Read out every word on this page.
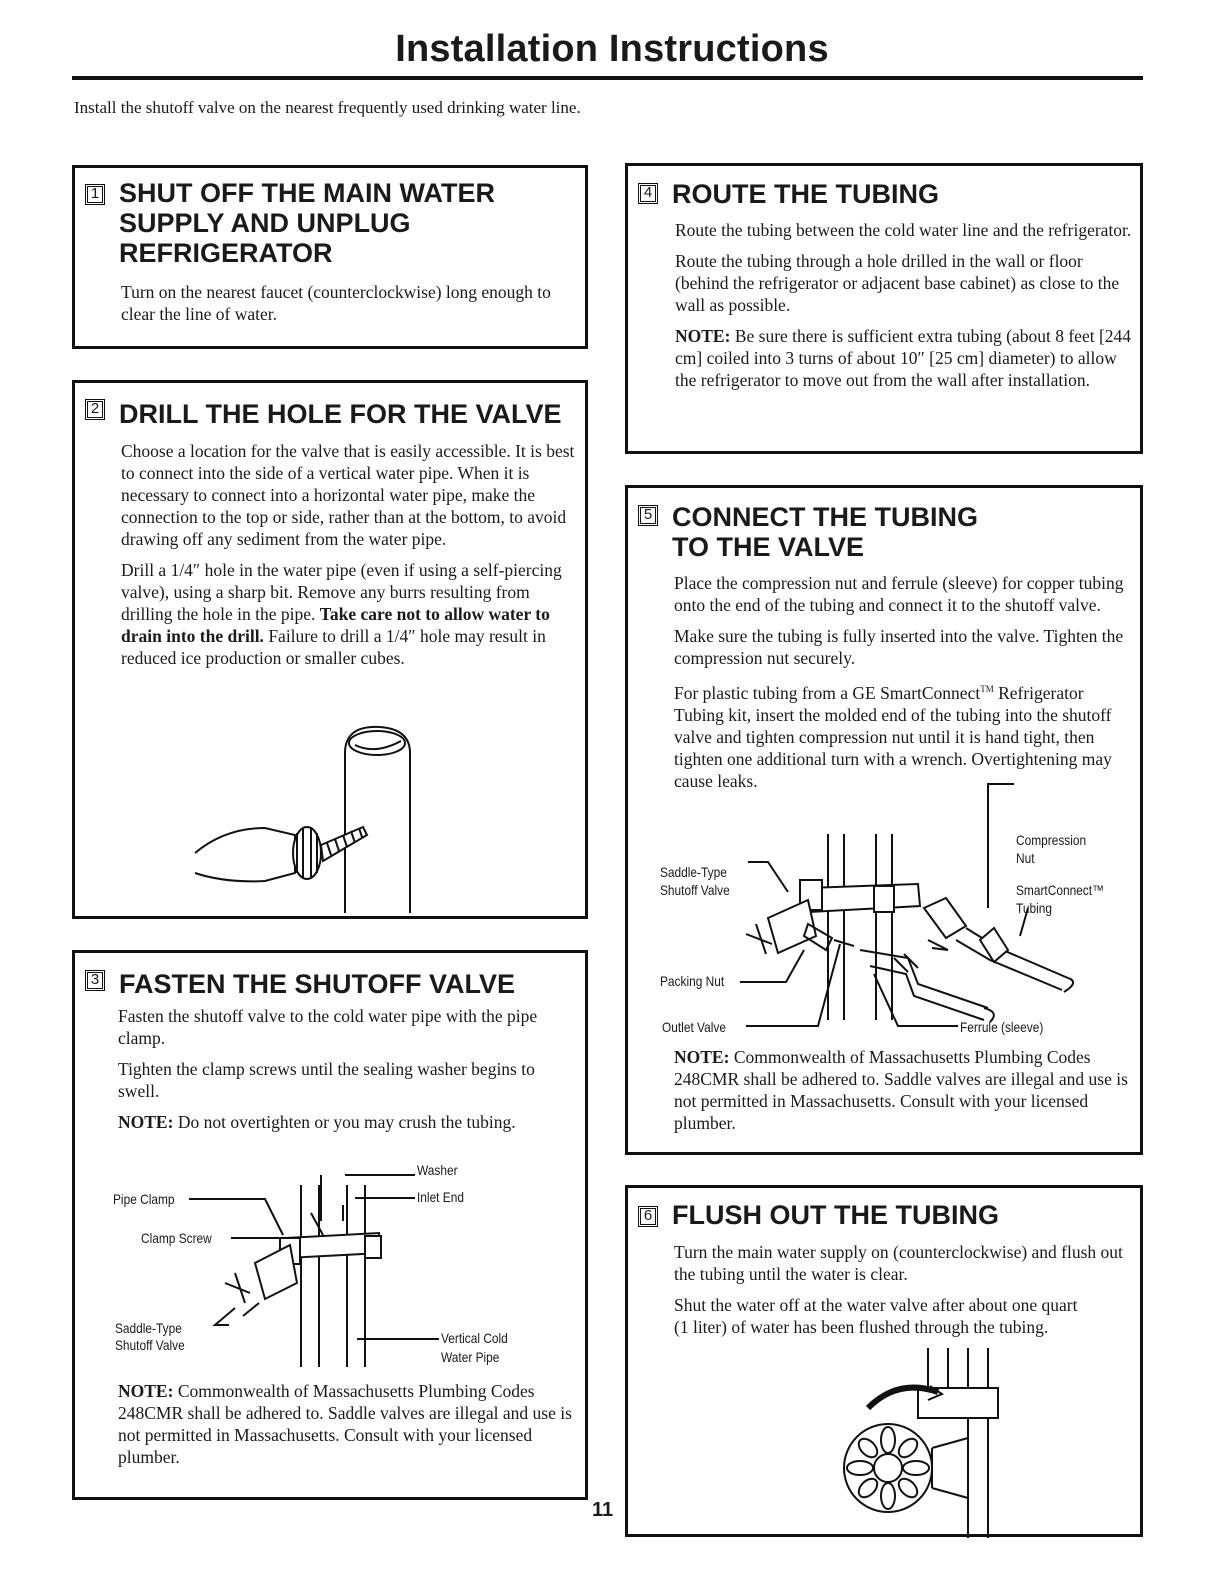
Installation Instructions
Install the shutoff valve on the nearest frequently used drinking water line.
1 SHUT OFF THE MAIN WATER SUPPLY AND UNPLUG REFRIGERATOR

Turn on the nearest faucet (counterclockwise) long enough to clear the line of water.

2 DRILL THE HOLE FOR THE VALVE

Choose a location for the valve that is easily accessible. It is best to connect into the side of a vertical water pipe. When it is necessary to connect into a horizontal water pipe, make the connection to the top or side, rather than at the bottom, to avoid drawing off any sediment from the water pipe.

Drill a 1/4″ hole in the water pipe (even if using a self-piercing valve), using a sharp bit. Remove any burrs resulting from drilling the hole in the pipe. Take care not to allow water to drain into the drill. Failure to drill a 1/4″ hole may result in reduced ice production or smaller cubes.

3 FASTEN THE SHUTOFF VALVE

Fasten the shutoff valve to the cold water pipe with the pipe clamp.

Tighten the clamp screws until the sealing washer begins to swell.

NOTE: Do not overtighten or you may crush the tubing.

Washer
Inlet End
Pipe Clamp
Clamp Screw
Saddle-Type
Shutoff Valve	Vertical Cold
Water Pipe

NOTE: Commonwealth of Massachusetts Plumbing Codes 248CMR shall be adhered to. Saddle valves are illegal and use is not permitted in Massachusetts. Consult with your licensed plumber.

4 ROUTE THE TUBING

Route the tubing between the cold water line and the refrigerator.

Route the tubing through a hole drilled in the wall or floor (behind the refrigerator or adjacent base cabinet) as close to the wall as possible.

NOTE: Be sure there is sufficient extra tubing (about 8 feet [244 cm] coiled into 3 turns of about 10″ [25 cm] diameter) to allow the refrigerator to move out from the wall after installation.

5 CONNECT THE TUBING
TO THE VALVE

Place the compression nut and ferrule (sleeve) for copper tubing onto the end of the tubing and connect it to the shutoff valve.

Make sure the tubing is fully inserted into the valve. Tighten the compression nut securely.

For plastic tubing from a GE SmartConnect™ Refrigerator Tubing kit, insert the molded end of the tubing into the shutoff valve and tighten compression nut until it is hand tight, then tighten one additional turn with a wrench. Overtightening may cause leaks.

Compression
Nut
Saddle-Type
Shutoff Valve	SmartConnect™
Tubing
Packing Nut
Outlet Valve	Ferrule (sleeve)

NOTE: Commonwealth of Massachusetts Plumbing Codes 248CMR shall be adhered to. Saddle valves are illegal and use is not permitted in Massachusetts. Consult with your licensed plumber.

6 FLUSH OUT THE TUBING

Turn the main water supply on (counterclockwise) and flush out the tubing until the water is clear.

Shut the water off at the water valve after about one quart (1 liter) of water has been flushed through the tubing.

11
